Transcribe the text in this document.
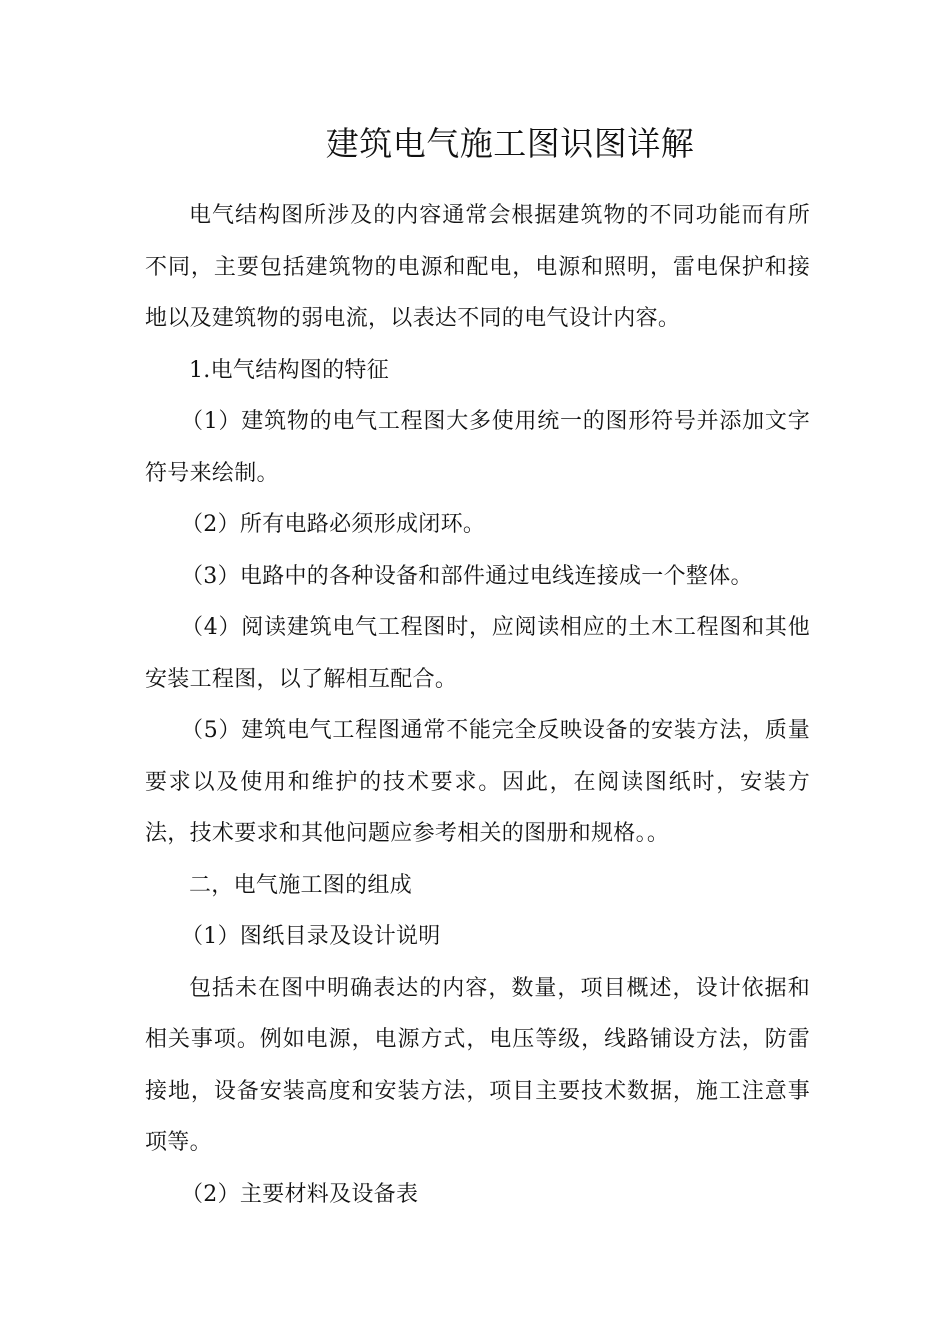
建筑电气施工图识图详解

电气结构图所涉及的内容通常会根据建筑物的不同功能而有所不同，主要包括建筑物的电源和配电，电源和照明，雷电保护和接地以及建筑物的弱电流，以表达不同的电气设计内容。

1.电气结构图的特征

（1）建筑物的电气工程图大多使用统一的图形符号并添加文字符号来绘制。

（2）所有电路必须形成闭环。

（3）电路中的各种设备和部件通过电线连接成一个整体。

（4）阅读建筑电气工程图时，应阅读相应的土木工程图和其他安装工程图，以了解相互配合。

（5）建筑电气工程图通常不能完全反映设备的安装方法，质量要求以及使用和维护的技术要求。因此，在阅读图纸时，安装方法，技术要求和其他问题应参考相关的图册和规格。。

二，电气施工图的组成

（1）图纸目录及设计说明

包括未在图中明确表达的内容，数量，项目概述，设计依据和相关事项。例如电源，电源方式，电压等级，线路铺设方法，防雷接地，设备安装高度和安装方法，项目主要技术数据，施工注意事项等。

（2）主要材料及设备表
